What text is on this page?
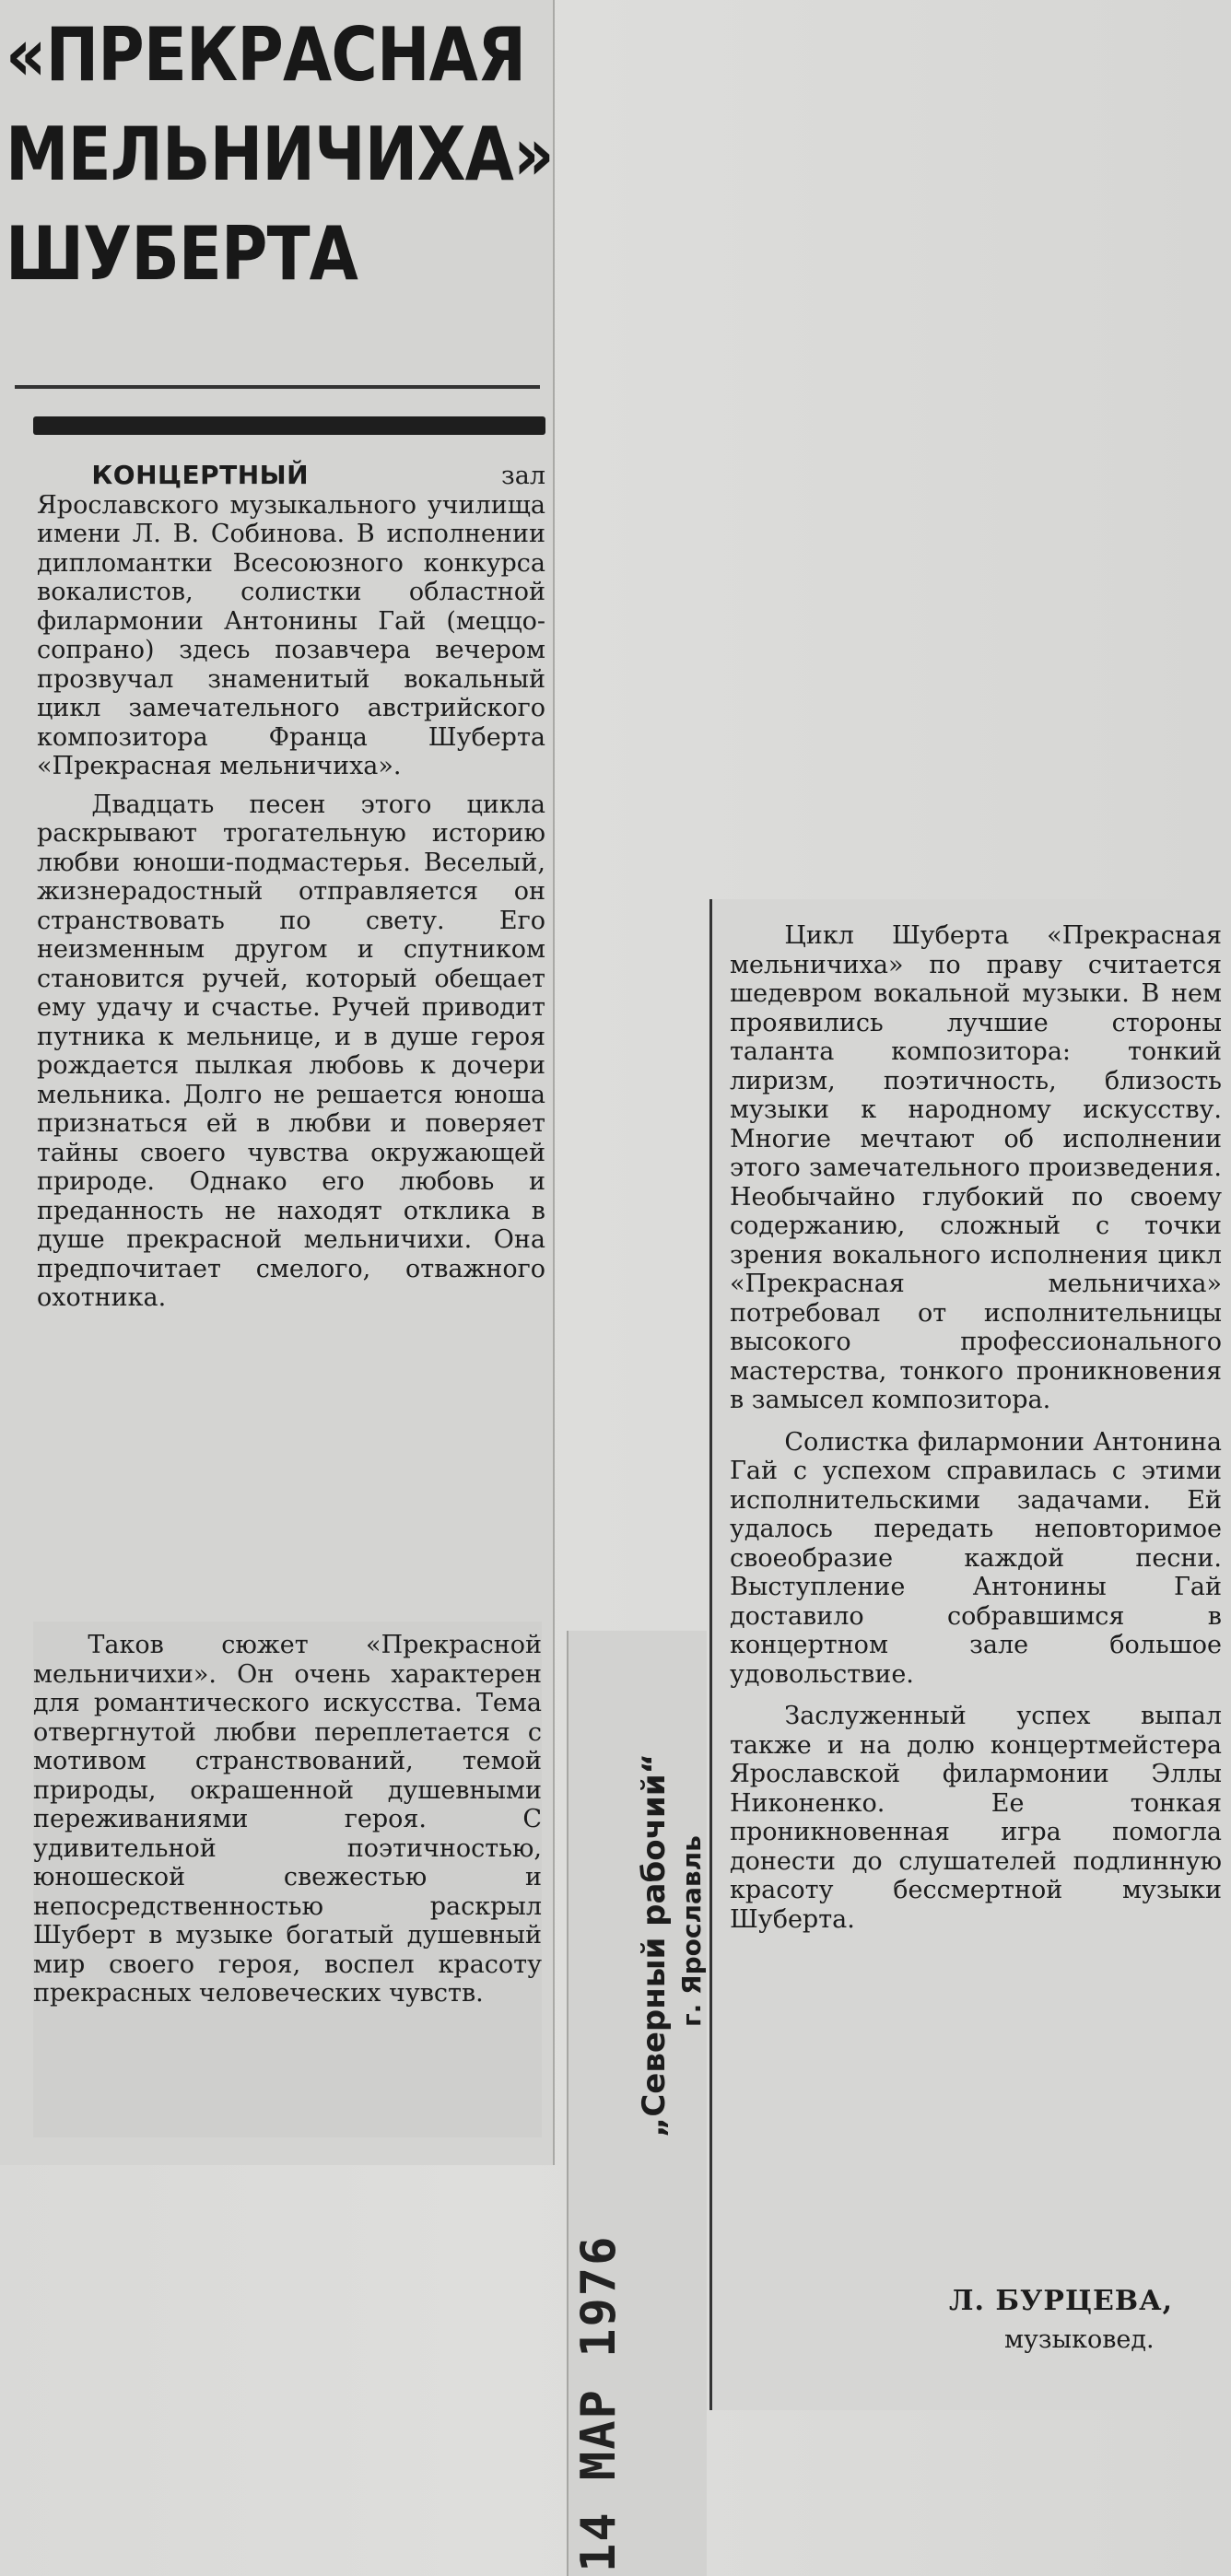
«ПРЕКРАСНАЯ
МЕЛЬНИЧИХА»
ШУБЕРТА

КОНЦЕРТНЫЙ	зал Ярославского музыкального училища имени Л. В. Собинова. В исполнении дипломантки Всесоюзного конкурса вокалистов, солистки областной филармонии Антонины Гай (меццо-сопрано) здесь позавчера вечером прозвучал знаменитый вокальный цикл замечательного австрийского композитора Франца Шуберта «Прекрасная мельничиха».

Двадцать песен этого цикла раскрывают трогательную историю любви юноши-подмастерья. Веселый, жизнерадостный отправляется он странствовать по свету. Его неизменным другом и спутником становится ручей, который обещает ему удачу и счастье. Ручей приводит путника к мельнице, и в душе героя рождается пылкая любовь к дочери мельника. Долго не решается юноша признаться ей в любви и поверяет тайны своего чувства окружающей природе. Однако его любовь и преданность не находят отклика в душе прекрасной мельничихи. Она предпочитает смелого, отважного охотника.

Таков сюжет «Прекрасной мельничихи». Он очень характерен для романтического искусства. Тема отвергнутой любви переплетается с мотивом странствований, темой природы, окрашенной душевными переживаниями героя. С удивительной поэтичностью, юношеской свежестью и непосредственностью раскрыл Шуберт в музыке богатый душевный мир своего героя, воспел красоту прекрасных человеческих чувств.	„Северный рабочий“ г. Ярославль
14 МАР 1976

Цикл Шуберта «Прекрасная мельничиха» по праву считается шедевром вокальной музыки. В нем проявились лучшие стороны таланта композитора: тонкий лиризм, поэтичность, близость музыки к народному искусству. Многие мечтают об исполнении этого замечательного произведения. Необычайно глубокий по своему содержанию, сложный с точки зрения вокального исполнения цикл «Прекрасная мельничиха» потребовал от исполнительницы высокого профессионального мастерства, тонкого проникновения в замысел композитора.

Солистка филармонии Антонина Гай с успехом справилась с этими исполнительскими задачами. Ей удалось передать неповторимое своеобразие каждой песни. Выступление Антонины Гай доставило собравшимся в концертном зале большое удовольствие.

Заслуженный успех выпал также и на долю концертмейстера Ярославской филармонии Эллы Никоненко. Ее тонкая проникновенная игра помогла донести до слушателей подлинную красоту бессмертной музыки Шуберта.

Л. БУРЦЕВА,
музыковед.
